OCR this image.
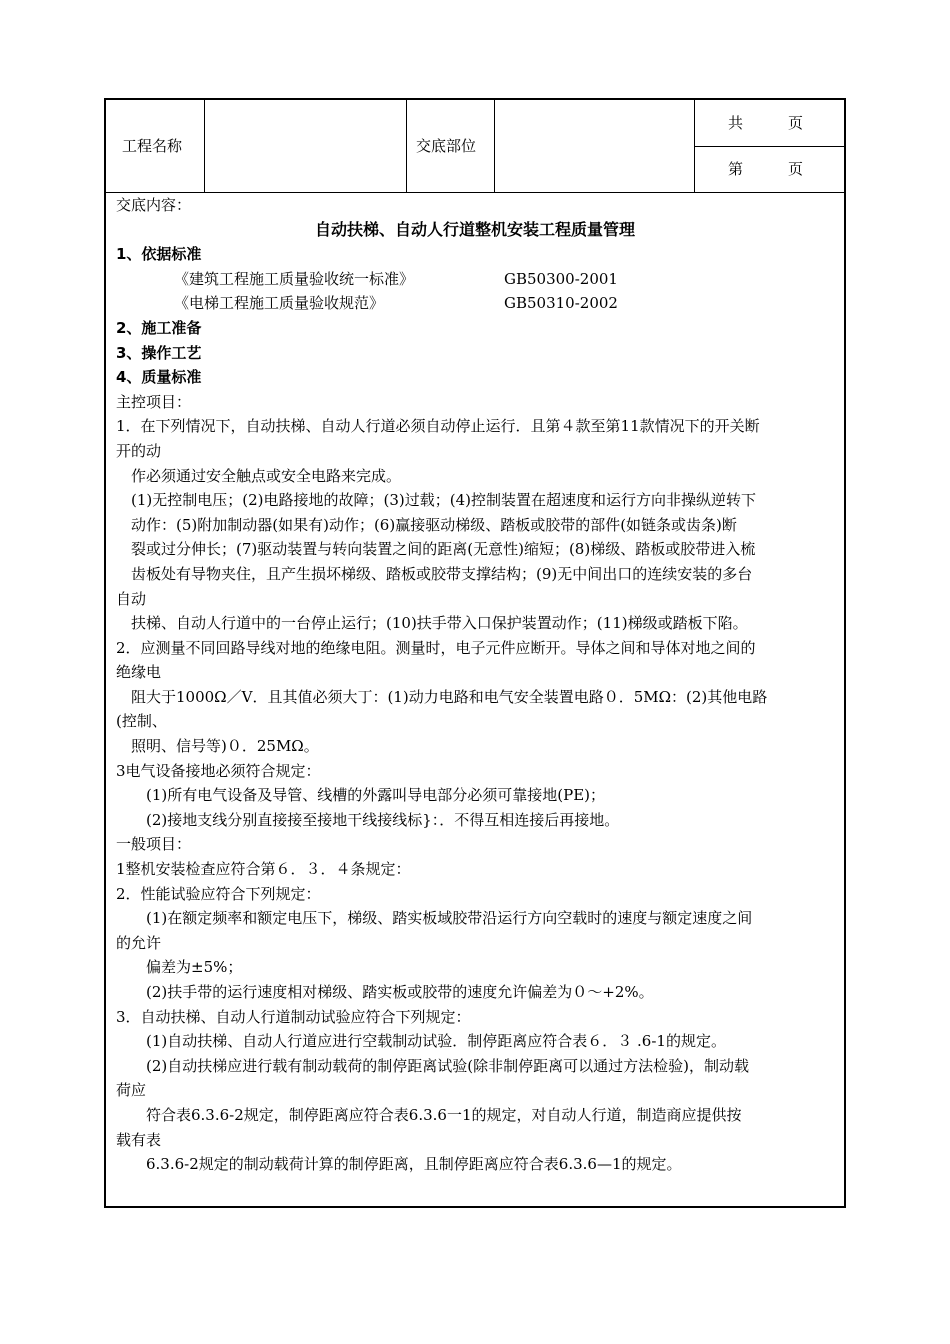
工程名称	交底部位
共　　　页
第　　　页

交底内容：

自动扶梯、自动人行道整机安装工程质量管理

1、依据标准

《建筑工程施工质量验收统一标准》	GB50300-2001
《电梯工程施工质量验收规范》	GB50310-2002

2、施工准备

3、操作工艺

4、质量标准

主控项目：

1．在下列情况下，自动扶梯、自动人行道必须自动停止运行．且第４款至第11款情况下的开关断

开的动

作必须通过安全触点或安全电路来完成。

(1)无控制电压；(2)电路接地的故障；(3)过载；(4)控制装置在超速度和运行方向非操纵逆转下

动作：(5)附加制动器(如果有)动作；(6)赢接驱动梯级、踏板或胶带的部件(如链条或齿条)断

裂或过分伸长；(7)驱动装置与转向装置之间的距离(无意性)缩短；(8)梯级、踏板或胶带进入梳

齿板处有导物夹住，且产生损坏梯级、踏板或胶带支撑结构；(9)无中间出口的连续安装的多台

自动

扶梯、自动人行道中的一台停止运行；(10)扶手带入口保护装置动作；(11)梯级或踏板下陷。

2．应测量不同回路导线对地的绝缘电阻。测量时，电子元件应断开。导体之间和导体对地之间的

绝缘电

阻大于1000Ω／V．且其值必须大丁：(1)动力电路和电气安全装置电路０．5MΩ：(2)其他电路

(控制、

照明、信号等)０．25MΩ。

3电气设备接地必须符合规定：

(1)所有电气设备及导管、线槽的外露叫导电部分必须可靠接地(PE)；

(2)接地支线分别直接接至接地干线接线标}：．不得互相连接后再接地。

一般项目：

1整机安装检查应符合第６．３．４条规定：

2．性能试验应符合下列规定：

(1)在额定频率和额定电压下，梯级、踏实板域胶带沿运行方向空载时的速度与额定速度之间

的允许

偏差为±5%；

(2)扶手带的运行速度相对梯级、踏实板或胶带的速度允许偏差为０～+2%。

3．自动扶梯、自动人行道制动试验应符合下列规定：

(1)自动扶梯、自动人行道应进行空载制动试验．制停距离应符合表６．３ .6-1的规定。

(2)自动扶梯应进行载有制动载荷的制停距离试验(除非制停距离可以通过方法检验)，制动载

荷应

符合表6.3.6-2规定，制停距离应符合表6.3.6一1的规定，对自动人行道，制造商应提供按

载有表

6.3.6-2规定的制动载荷计算的制停距离，且制停距离应符合表6.3.6—1的规定。
